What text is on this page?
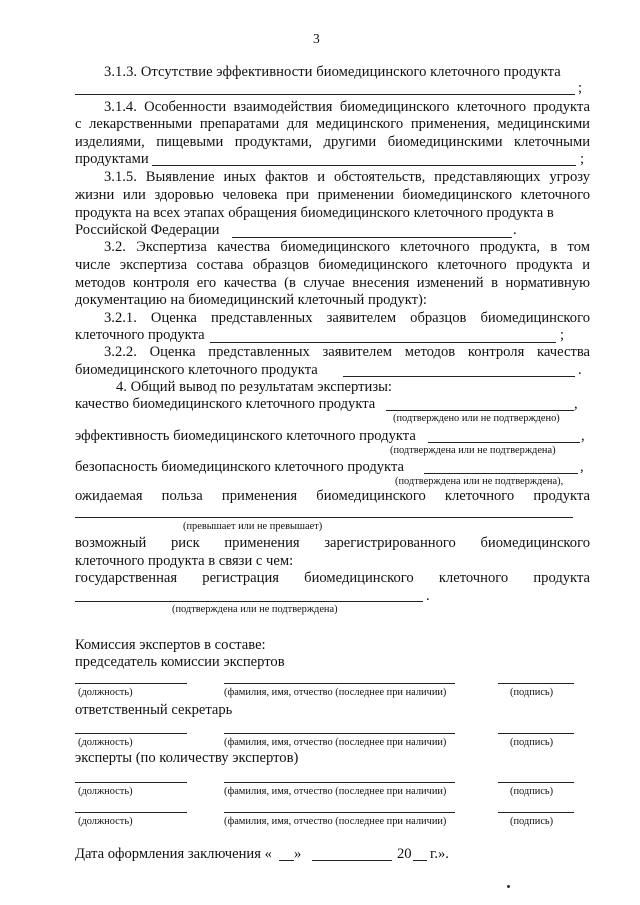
3
3.1.3. Отсутствие эффективности биомедицинского клеточного продукта
;
3.1.4. Особенности взаимодействия биомедицинского клеточного продукта
с лекарственными препаратами для медицинского применения, медицинскими
изделиями, пищевыми продуктами, другими биомедицинскими клеточными
продуктами	;
3.1.5. Выявление иных фактов и обстоятельств, представляющих угрозу
жизни или здоровью человека при применении биомедицинского клеточного
продукта на всех этапах обращения биомедицинского клеточного продукта в
Российской Федерации	.
3.2. Экспертиза качества биомедицинского клеточного продукта, в том
числе экспертиза состава образцов биомедицинского клеточного продукта и
методов контроля его качества (в случае внесения изменений в нормативную
документацию на биомедицинский клеточный продукт):
3.2.1. Оценка представленных заявителем образцов биомедицинского
клеточного продукта	;
3.2.2. Оценка представленных заявителем методов контроля качества
биомедицинского клеточного продукта	.
4. Общий вывод по результатам экспертизы:
качество биомедицинского клеточного продукта	,
(подтверждено или не подтверждено)
эффективность биомедицинского клеточного продукта	,
(подтверждена или не подтверждена)
безопасность биомедицинского клеточного продукта	,
(подтверждена или не подтверждена),
ожидаемая польза применения биомедицинского клеточного продукта
(превышает или не превышает)
возможный риск применения зарегистрированного биомедицинского
клеточного продукта в связи с чем:
государственная регистрация биомедицинского клеточного продукта
.
(подтверждена или не подтверждена)
Комиссия экспертов в составе:
председатель комиссии экспертов
(должность)	(фамилия, имя, отчество (последнее при наличии)	(подпись)
ответственный секретарь
(должность)	(фамилия, имя, отчество (последнее при наличии)	(подпись)
эксперты (по количеству экспертов)
(должность)	(фамилия, имя, отчество (последнее при наличии)	(подпись)
(должность)	(фамилия, имя, отчество (последнее при наличии)	(подпись)
Дата оформления заключения « »	20 г.».
